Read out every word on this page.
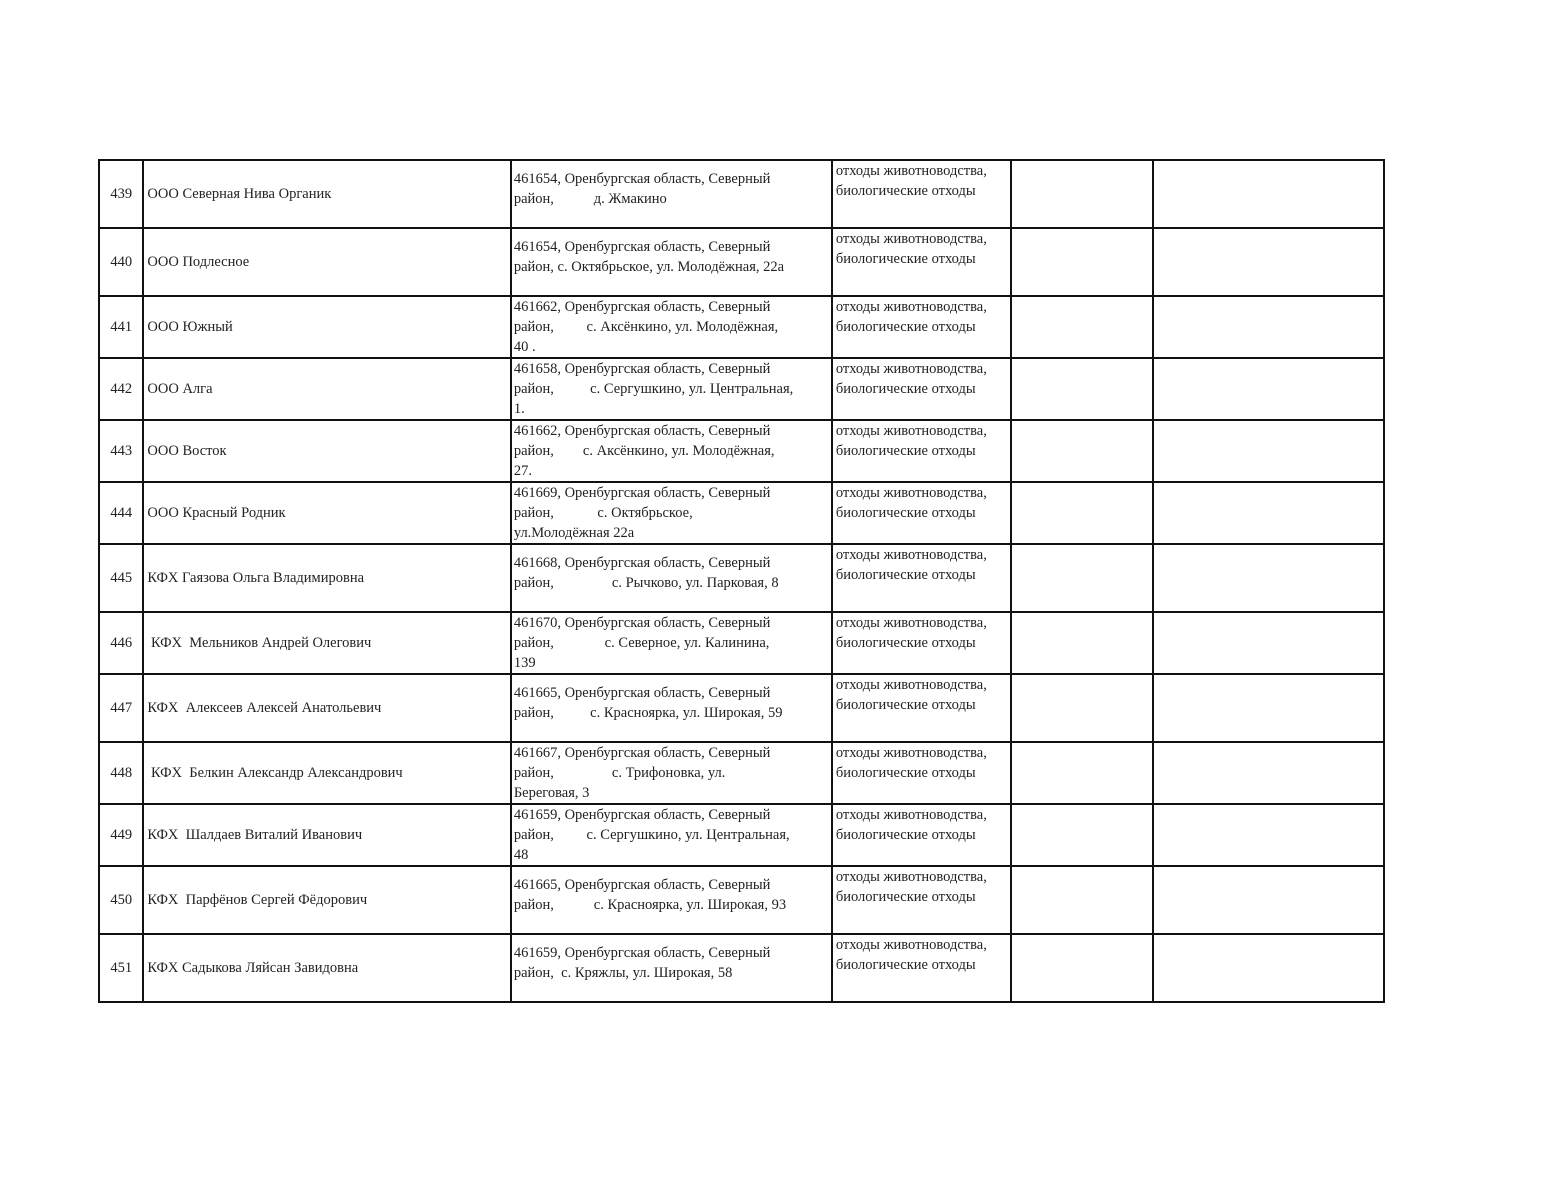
439	ООО Северная Нива Органик	461654, Оренбургская область, Северный
район,           д. Жмакино	отходы животноводства,
биологические отходы		

440	ООО Подлесное	461654, Оренбургская область, Северный
район, с. Октябрьское, ул. Молодёжная, 22а	отходы животноводства,
биологические отходы		

441	ООО Южный	461662, Оренбургская область, Северный
район,         с. Аксёнкино, ул. Молодёжная,
40 .	отходы животноводства,
биологические отходы		

442	ООО Алга	461658, Оренбургская область, Северный
район,          с. Сергушкино, ул. Центральная,
1.	отходы животноводства,
биологические отходы		

443	ООО Восток	461662, Оренбургская область, Северный
район,        с. Аксёнкино, ул. Молодёжная,
27.	отходы животноводства,
биологические отходы		

444	ООО Красный Родник	461669, Оренбургская область, Северный
район,            с. Октябрьское,
ул.Молодёжная 22а	отходы животноводства,
биологические отходы		

445	КФХ Гаязова Ольга Владимировна	461668, Оренбургская область, Северный
район,                с. Рычково, ул. Парковая, 8	отходы животноводства,
биологические отходы		

446	КФХ  Мельников Андрей Олегович	461670, Оренбургская область, Северный
район,              с. Северное, ул. Калинина,
139	отходы животноводства,
биологические отходы		

447	КФХ  Алексеев Алексей Анатольевич	461665, Оренбургская область, Северный
район,          с. Красноярка, ул. Широкая, 59	отходы животноводства,
биологические отходы		

448	КФХ  Белкин Александр Александрович	461667, Оренбургская область, Северный
район,                с. Трифоновка, ул.
Береговая, 3	отходы животноводства,
биологические отходы		

449	КФХ  Шалдаев Виталий Иванович	461659, Оренбургская область, Северный
район,         с. Сергушкино, ул. Центральная,
48	отходы животноводства,
биологические отходы		

450	КФХ  Парфёнов Сергей Фёдорович	461665, Оренбургская область, Северный
район,           с. Красноярка, ул. Широкая, 93	отходы животноводства,
биологические отходы		

451	КФХ Садыкова Ляйсан Завидовна	461659, Оренбургская область, Северный
район,  с. Кряжлы, ул. Широкая, 58	отходы животноводства,
биологические отходы		
